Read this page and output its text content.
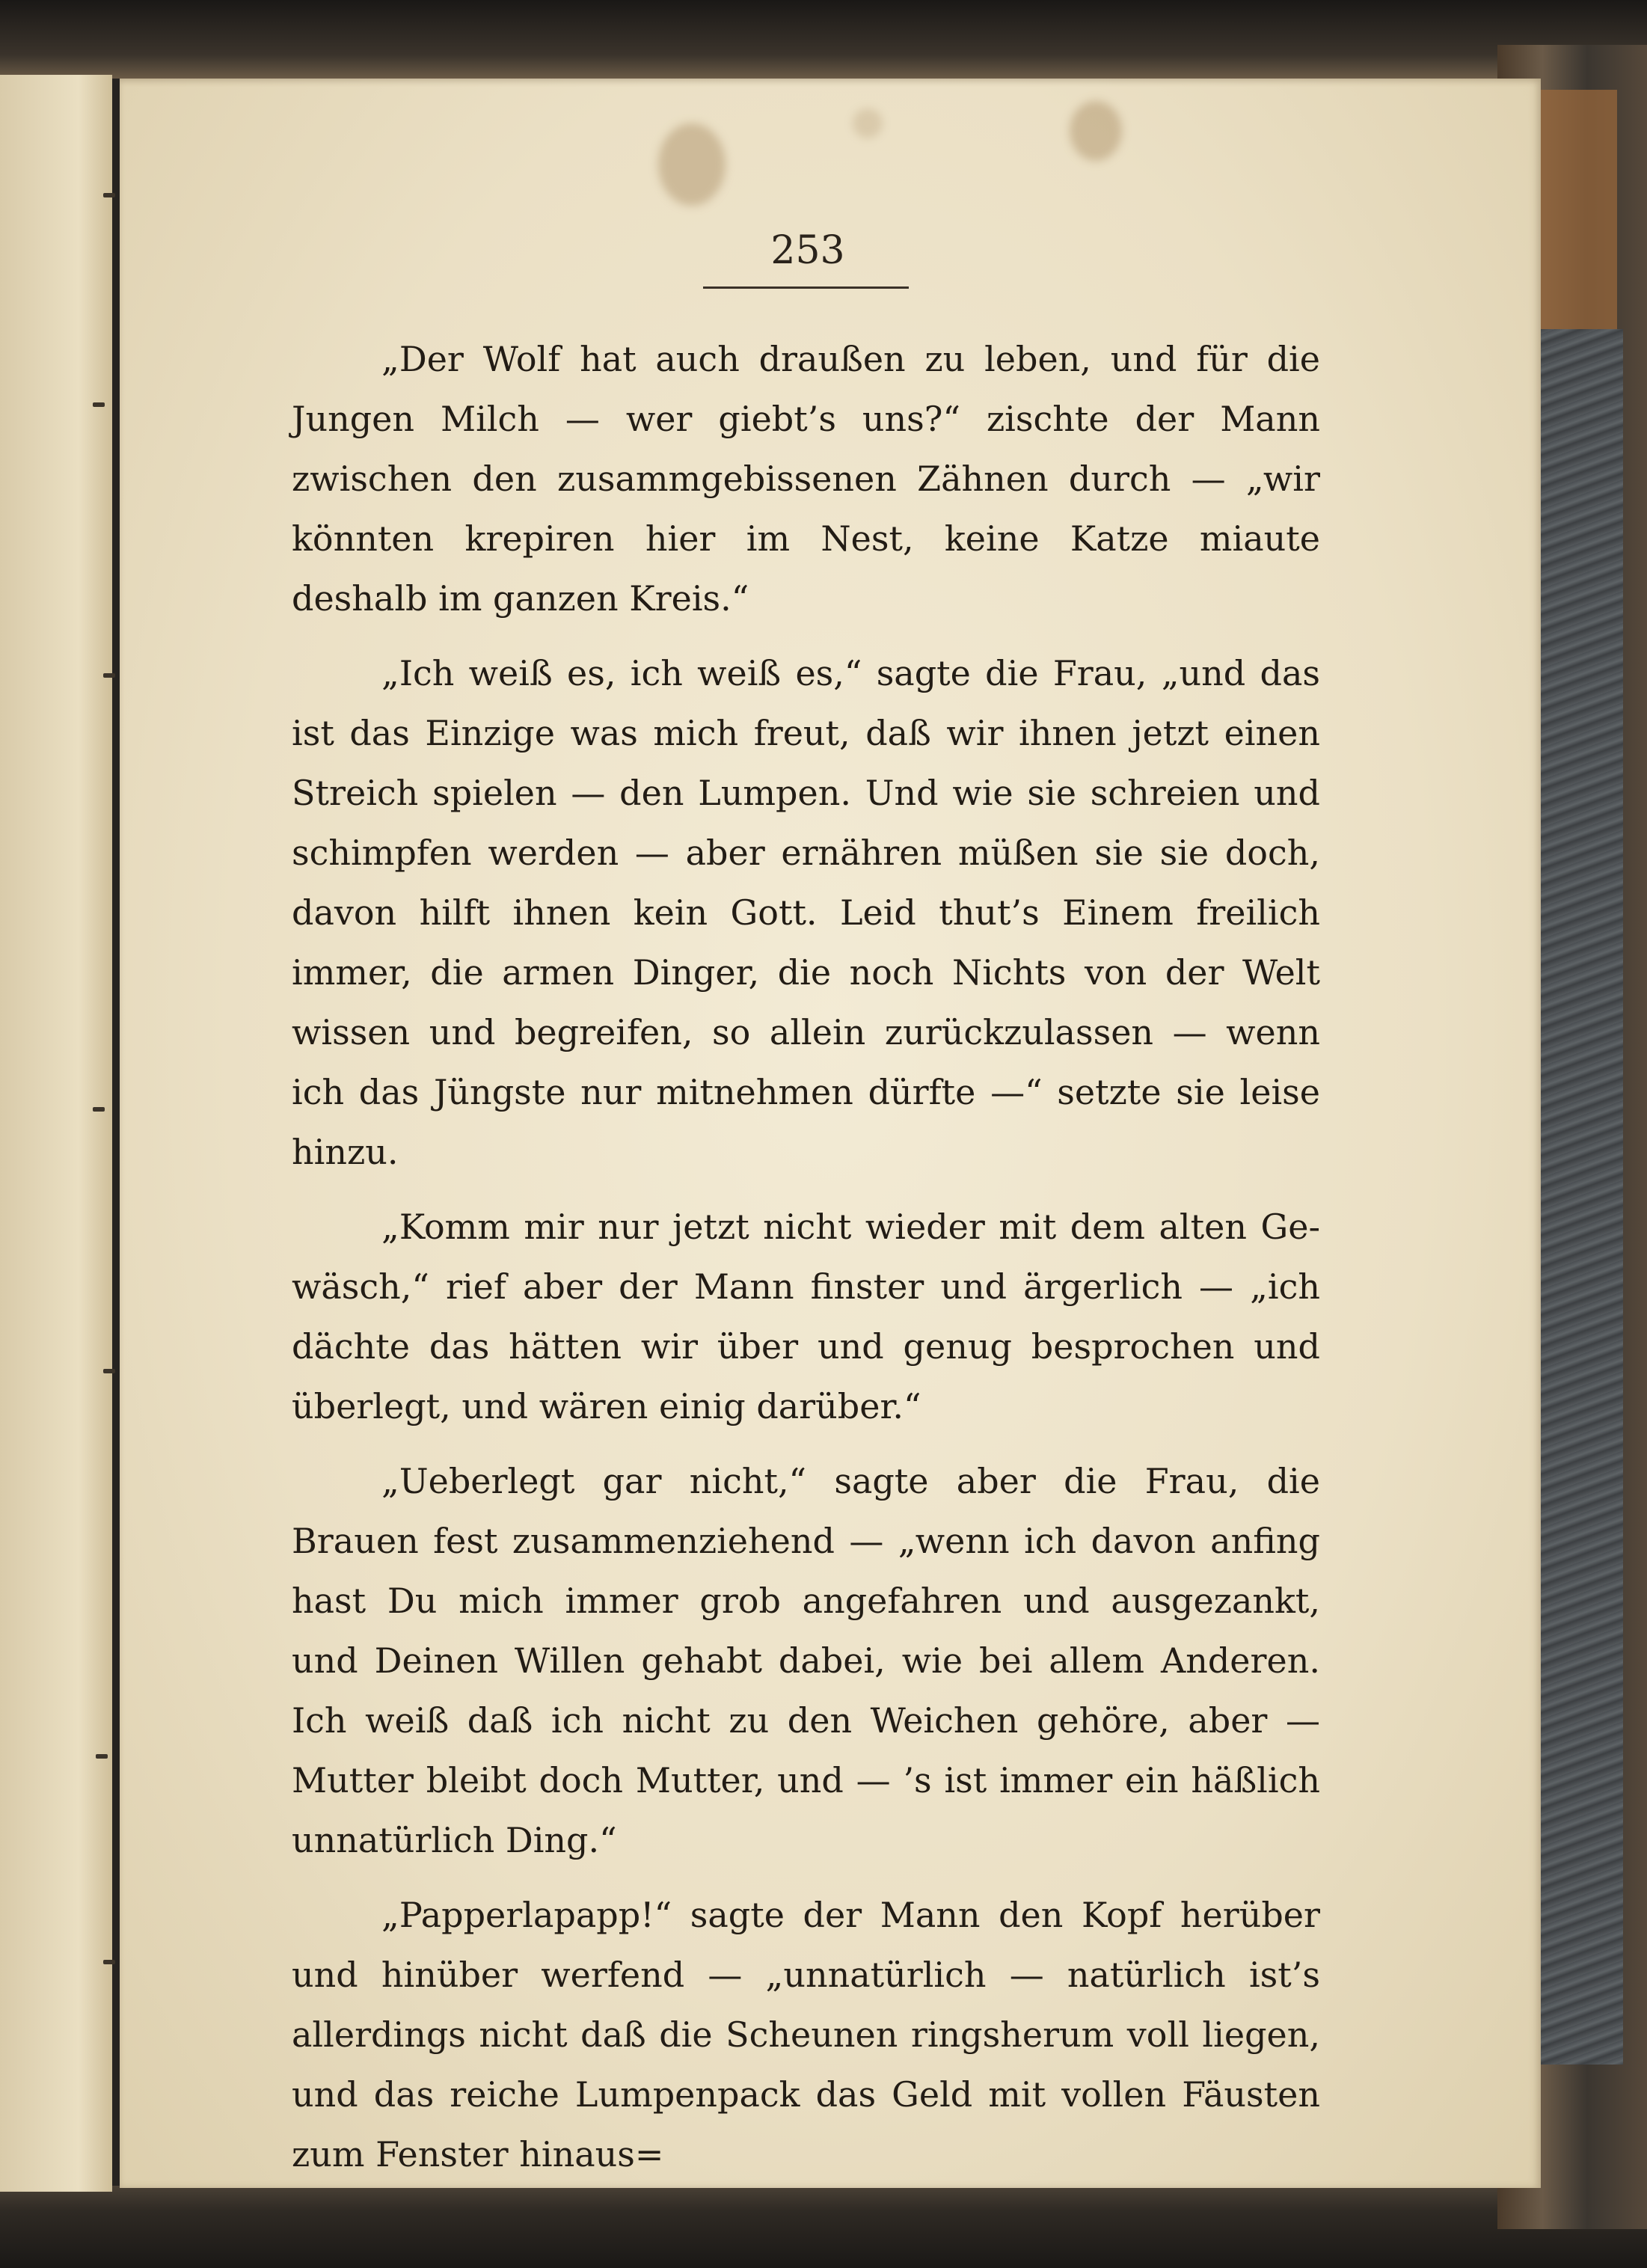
253

„Der Wolf hat auch draußen zu leben, und für die Jungen Milch — wer giebt’s uns?“ zischte der Mann zwischen den zusammgebissenen Zähnen durch — „wir könnten krepiren hier im Nest, keine Katze miaute deshalb im ganzen Kreis.“

„Ich weiß es, ich weiß es,“ sagte die Frau, „und das ist das Einzige was mich freut, daß wir ihnen jetzt einen Streich spielen — den Lumpen. Und wie sie schreien und schimpfen werden — aber ernähren müßen sie sie doch, davon hilft ihnen kein Gott. Leid thut’s Einem freilich immer, die armen Dinger, die noch Nichts von der Welt wissen und begreifen, so allein zurückzulassen — wenn ich das Jüngste nur mitnehmen dürfte —“ setzte sie leise hinzu.

„Komm mir nur jetzt nicht wieder mit dem alten Gewäsch,“ rief aber der Mann finster und ärgerlich — „ich dächte das hätten wir über und genug besprochen und überlegt, und wären einig darüber.“

„Ueberlegt gar nicht,“ sagte aber die Frau, die Brauen fest zusammenziehend — „wenn ich davon anfing hast Du mich immer grob angefahren und ausgezankt, und Deinen Willen gehabt dabei, wie bei allem Anderen. Ich weiß daß ich nicht zu den Weichen gehöre, aber — Mutter bleibt doch Mutter, und — ’s ist immer ein häßlich unnatürlich Ding.“

„Papperlapapp!“ sagte der Mann den Kopf herüber und hinüber werfend — „unnatürlich — natürlich ist’s allerdings nicht daß die Scheunen ringsherum voll liegen, und das reiche Lumpenpack das Geld mit vollen Fäusten zum Fenster hinaus=
